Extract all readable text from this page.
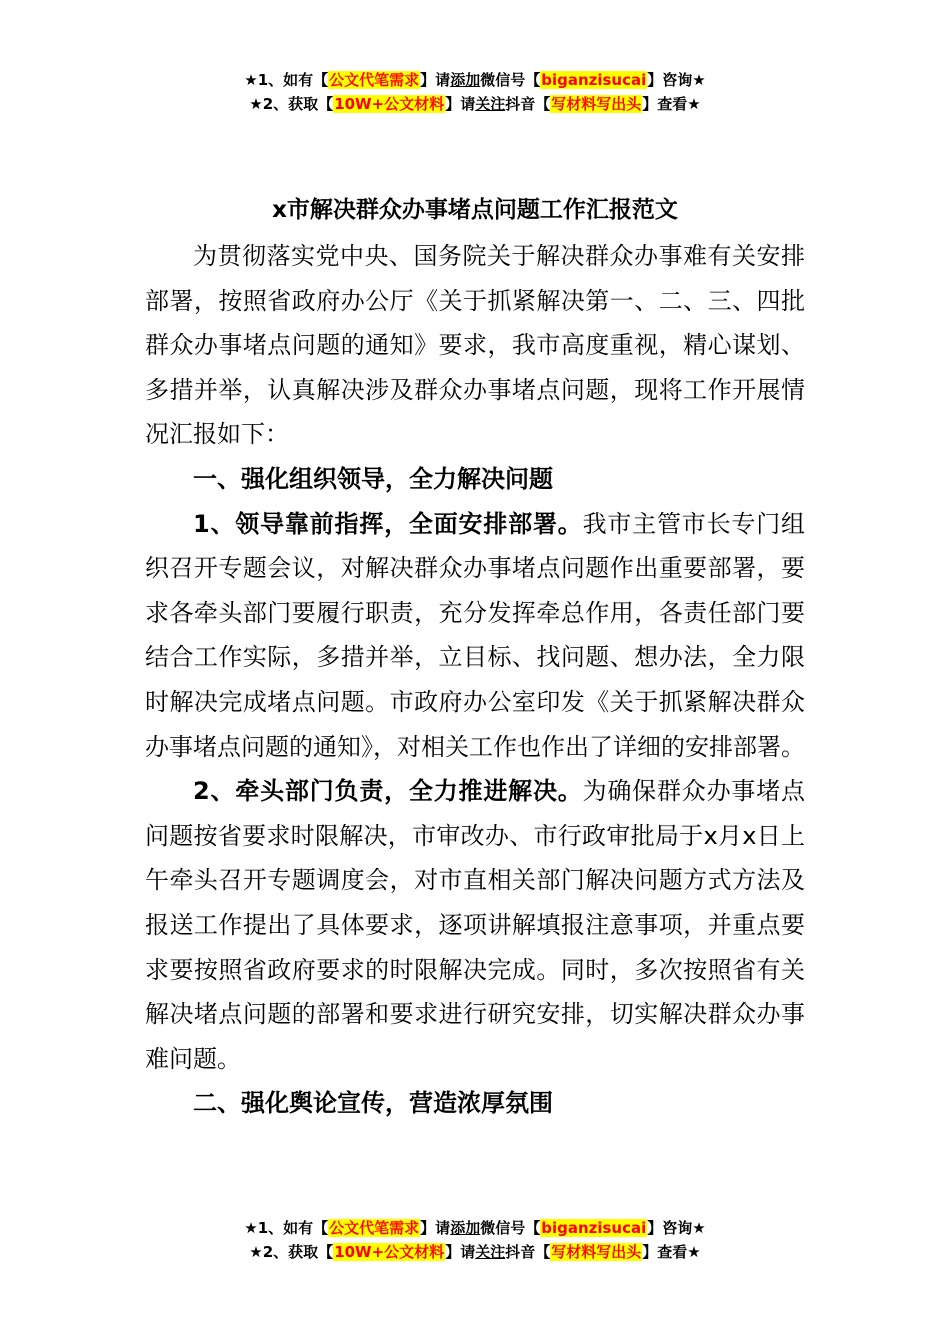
★1、如有【公文代笔需求】请添加微信号【biganzisucai】咨询★
★2、获取【10W+公文材料】请关注抖音【写材料写出头】查看★
x市解决群众办事堵点问题工作汇报范文

为贯彻落实党中央、国务院关于解决群众办事难有关安排部署，按照省政府办公厅《关于抓紧解决第一、二、三、四批群众办事堵点问题的通知》要求，我市高度重视，精心谋划、多措并举，认真解决涉及群众办事堵点问题，现将工作开展情况汇报如下：

一、强化组织领导，全力解决问题

1、领导靠前指挥，全面安排部署。我市主管市长专门组织召开专题会议，对解决群众办事堵点问题作出重要部署，要求各牵头部门要履行职责，充分发挥牵总作用，各责任部门要结合工作实际，多措并举，立目标、找问题、想办法，全力限时解决完成堵点问题。市政府办公室印发《关于抓紧解决群众办事堵点问题的通知》，对相关工作也作出了详细的安排部署。

2、牵头部门负责，全力推进解决。为确保群众办事堵点问题按省要求时限解决，市审改办、市行政审批局于x月x日上午牵头召开专题调度会，对市直相关部门解决问题方式方法及报送工作提出了具体要求，逐项讲解填报注意事项，并重点要求要按照省政府要求的时限解决完成。同时，多次按照省有关解决堵点问题的部署和要求进行研究安排，切实解决群众办事难问题。

二、强化舆论宣传，营造浓厚氛围

★1、如有【公文代笔需求】请添加微信号【biganzisucai】咨询★
★2、获取【10W+公文材料】请关注抖音【写材料写出头】查看★
